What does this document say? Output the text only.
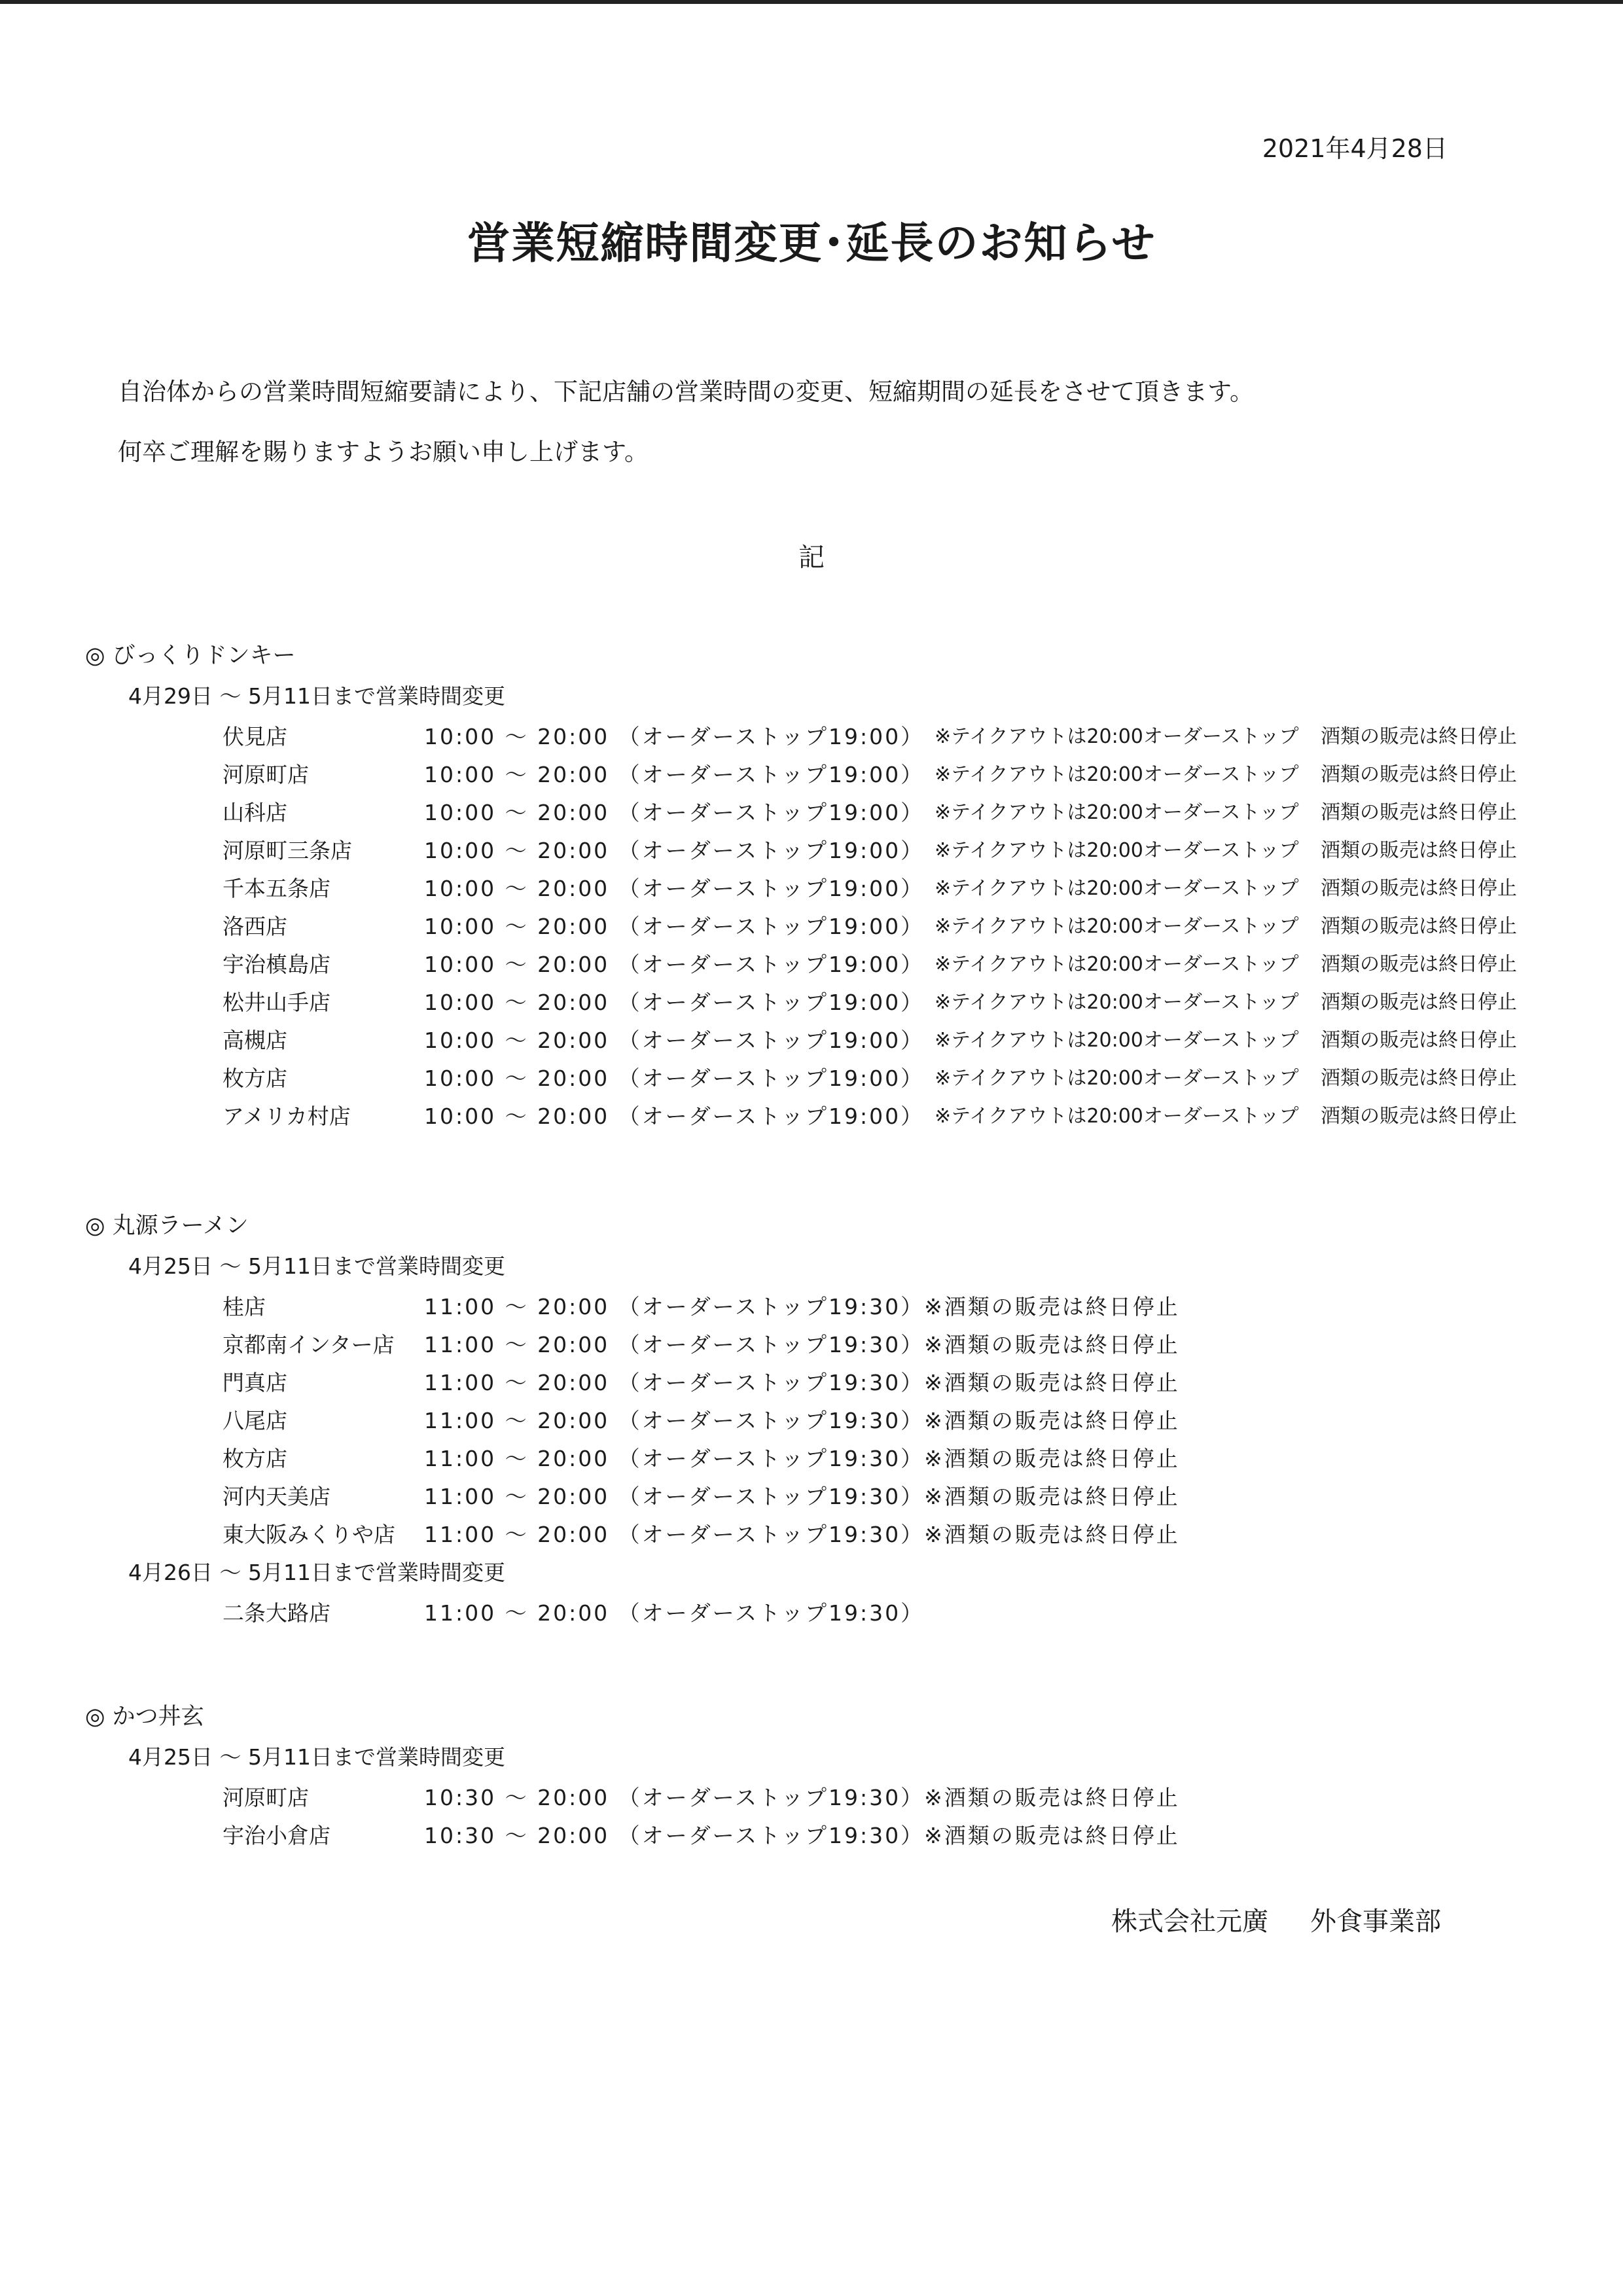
2021年4月28日
営業短縮時間変更･延長のお知らせ
自治体からの営業時間短縮要請により、下記店舗の営業時間の変更、短縮期間の延長をさせて頂きます。
何卒ご理解を賜りますようお願い申し上げます。
記
◎ びっくりドンキー
4月29日 ～ 5月11日まで営業時間変更
伏見店	10:00 ～ 20:00 （オーダーストップ19:00） ※テイクアウトは20:00オーダーストップ 酒類の販売は終日停止
河原町店	10:00 ～ 20:00 （オーダーストップ19:00） ※テイクアウトは20:00オーダーストップ 酒類の販売は終日停止
山科店	10:00 ～ 20:00 （オーダーストップ19:00） ※テイクアウトは20:00オーダーストップ 酒類の販売は終日停止
河原町三条店	10:00 ～ 20:00 （オーダーストップ19:00） ※テイクアウトは20:00オーダーストップ 酒類の販売は終日停止
千本五条店	10:00 ～ 20:00 （オーダーストップ19:00） ※テイクアウトは20:00オーダーストップ 酒類の販売は終日停止
洛西店	10:00 ～ 20:00 （オーダーストップ19:00） ※テイクアウトは20:00オーダーストップ 酒類の販売は終日停止
宇治槙島店	10:00 ～ 20:00 （オーダーストップ19:00） ※テイクアウトは20:00オーダーストップ 酒類の販売は終日停止
松井山手店	10:00 ～ 20:00 （オーダーストップ19:00） ※テイクアウトは20:00オーダーストップ 酒類の販売は終日停止
高槻店	10:00 ～ 20:00 （オーダーストップ19:00） ※テイクアウトは20:00オーダーストップ 酒類の販売は終日停止
枚方店	10:00 ～ 20:00 （オーダーストップ19:00） ※テイクアウトは20:00オーダーストップ 酒類の販売は終日停止
アメリカ村店	10:00 ～ 20:00 （オーダーストップ19:00） ※テイクアウトは20:00オーダーストップ 酒類の販売は終日停止
◎ 丸源ラーメン
4月25日 ～ 5月11日まで営業時間変更
桂店	11:00 ～ 20:00 （オーダーストップ19:30）※酒類の販売は終日停止
京都南インター店 11:00 ～ 20:00 （オーダーストップ19:30）※酒類の販売は終日停止
門真店	11:00 ～ 20:00 （オーダーストップ19:30）※酒類の販売は終日停止
八尾店	11:00 ～ 20:00 （オーダーストップ19:30）※酒類の販売は終日停止
枚方店	11:00 ～ 20:00 （オーダーストップ19:30）※酒類の販売は終日停止
河内天美店	11:00 ～ 20:00 （オーダーストップ19:30）※酒類の販売は終日停止
東大阪みくりや店 11:00 ～ 20:00 （オーダーストップ19:30）※酒類の販売は終日停止
4月26日 ～ 5月11日まで営業時間変更
二条大路店	11:00 ～ 20:00 （オーダーストップ19:30）
◎ かつ丼玄
4月25日 ～ 5月11日まで営業時間変更
河原町店	10:30 ～ 20:00 （オーダーストップ19:30）※酒類の販売は終日停止
宇治小倉店	10:30 ～ 20:00 （オーダーストップ19:30）※酒類の販売は終日停止
株式会社元廣 外食事業部
